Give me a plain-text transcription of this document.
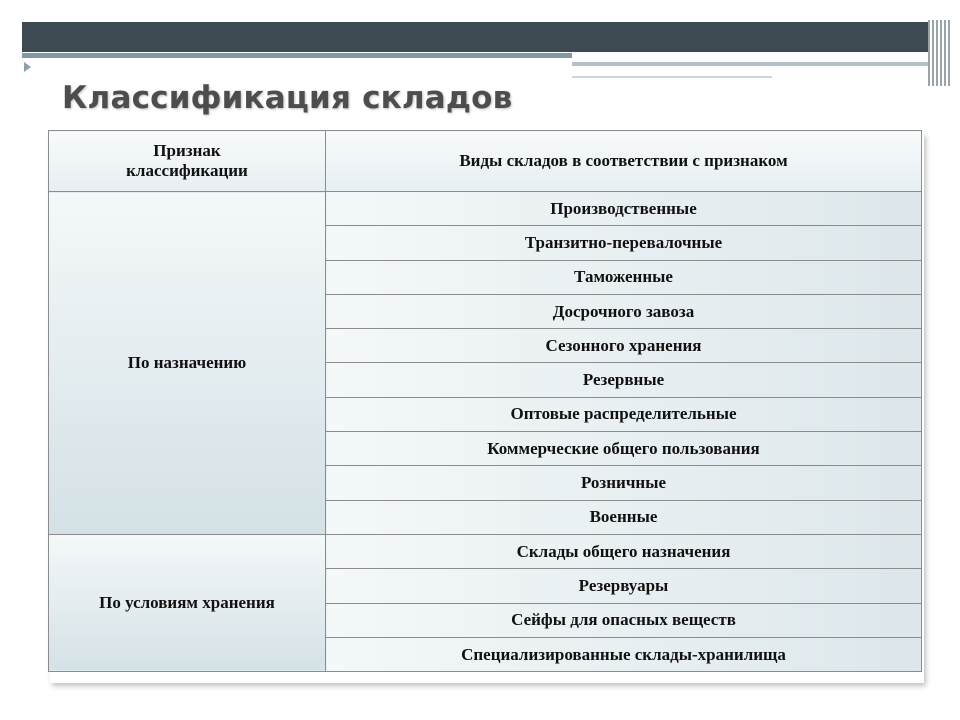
Классификация складов
Признак
классификации	Виды складов в соответствии с признаком
По назначению	Производственные
	Транзитно-перевалочные
	Таможенные
	Досрочного завоза
	Сезонного хранения
	Резервные
	Оптовые распределительные
	Коммерческие общего пользования
	Розничные
	Военные
По условиям хранения	Склады общего назначения
	Резервуары
	Сейфы для опасных веществ
	Специализированные склады-хранилища
